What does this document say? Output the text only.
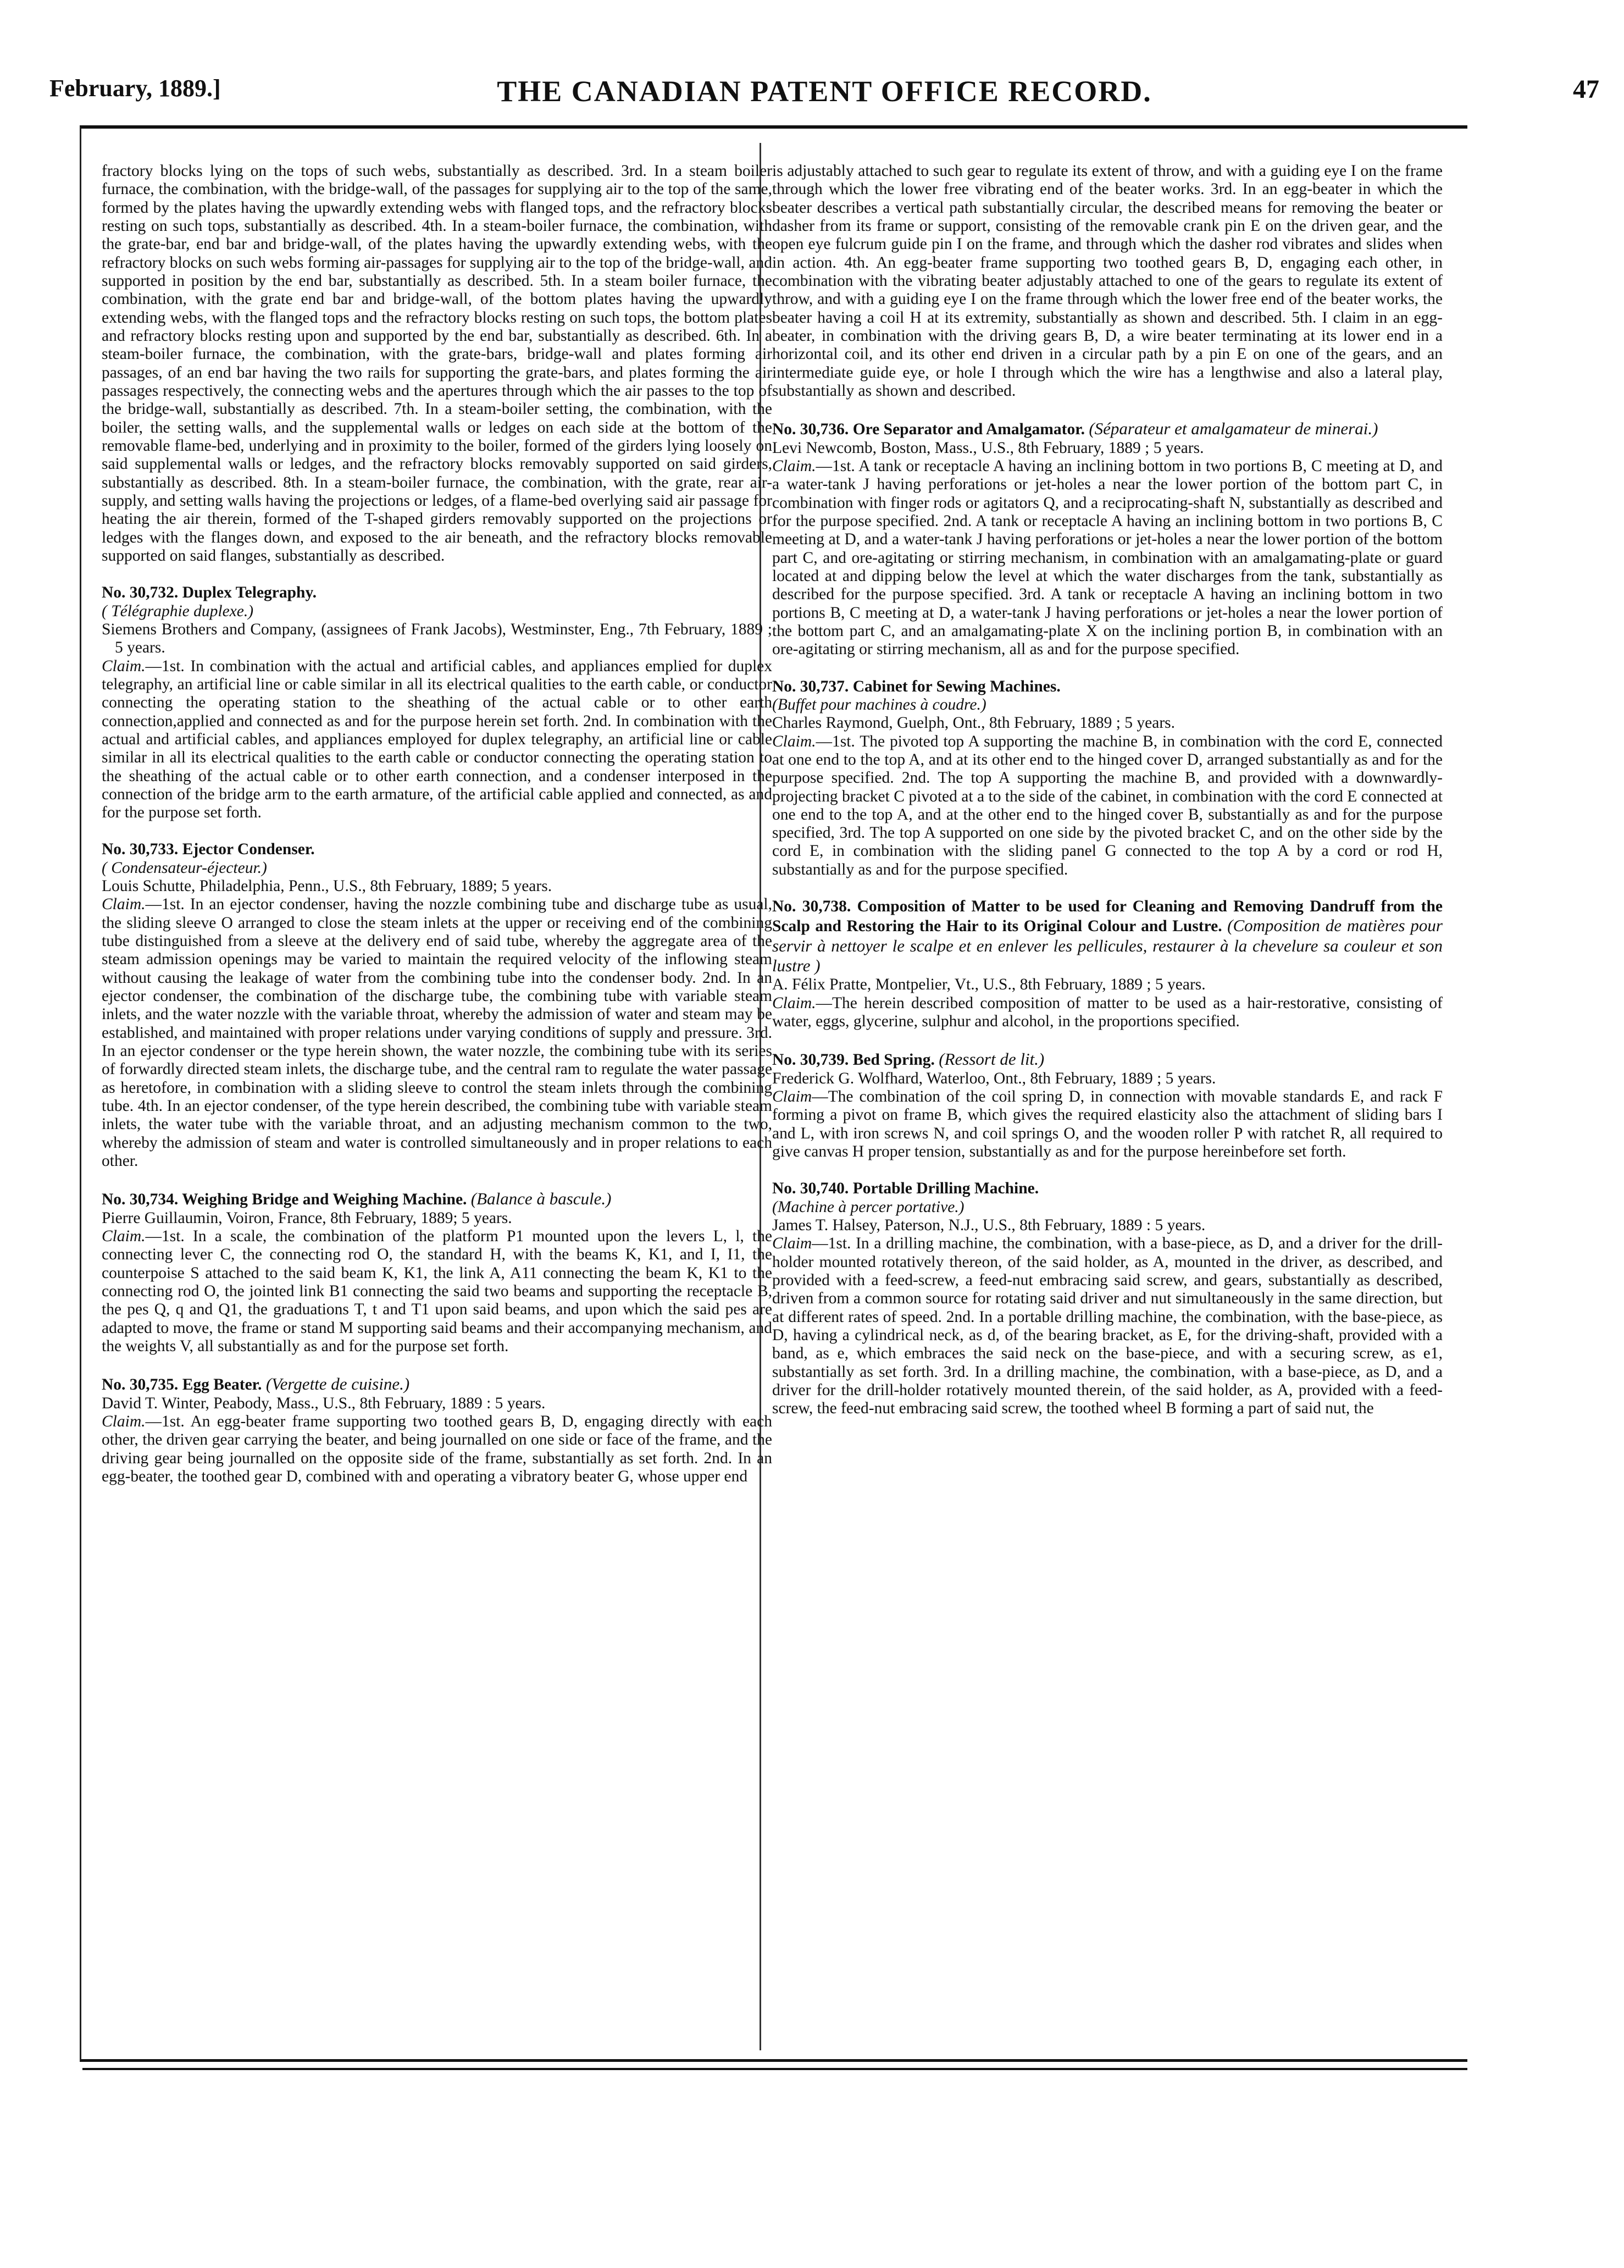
February, 1889.]	THE CANADIAN PATENT OFFICE RECORD.	47

fractory blocks lying on the tops of such webs, substantially as described. 3rd. In a steam boiler furnace, the combination, with the bridge-wall, of the passages for supplying air to the top of the same, formed by the plates having the upwardly extending webs with flanged tops, and the refractory blocks resting on such tops, substantially as described. 4th. In a steam-boiler furnace, the combination, with the grate-bar, end bar and bridge-wall, of the plates having the upwardly extending webs, with the refractory blocks on such webs forming air-passages for supplying air to the top of the bridge-wall, and supported in position by the end bar, substantially as described. 5th. In a steam boiler furnace, the combination, with the grate end bar and bridge-wall, of the bottom plates having the upwardly extending webs, with the flanged tops and the refractory blocks resting on such tops, the bottom plates and refractory blocks resting upon and supported by the end bar, substantially as described. 6th. In a steam-boiler furnace, the combination, with the grate-bars, bridge-wall and plates forming air passages, of an end bar having the two rails for supporting the grate-bars, and plates forming the air passages respectively, the connecting webs and the apertures through which the air passes to the top of the bridge-wall, substantially as described. 7th. In a steam-boiler setting, the combination, with the boiler, the setting walls, and the supplemental walls or ledges on each side at the bottom of the removable flame-bed, underlying and in proximity to the boiler, formed of the girders lying loosely on said supplemental walls or ledges, and the refractory blocks removably supported on said girders, substantially as described. 8th. In a steam-boiler furnace, the combination, with the grate, rear air-supply, and setting walls having the projections or ledges, of a flame-bed overlying said air passage for heating the air therein, formed of the T-shaped girders removably supported on the projections or ledges with the flanges down, and exposed to the air beneath, and the refractory blocks removable supported on said flanges, substantially as described.

No. 30,732. Duplex Telegraphy.

( Télégraphie duplexe.)

Siemens Brothers and Company, (assignees of Frank Jacobs), Westminster, Eng., 7th February, 1889 ; 5 years.

Claim.—1st. In combination with the actual and artificial cables, and appliances emplied for duplex telegraphy, an artificial line or cable similar in all its electrical qualities to the earth cable, or conductor connecting the operating station to the sheathing of the actual cable or to other earth connection,applied and connected as and for the purpose herein set forth. 2nd. In combination with the actual and artificial cables, and appliances employed for duplex telegraphy, an artificial line or cable similar in all its electrical qualities to the earth cable or conductor connecting the operating station to the sheathing of the actual cable or to other earth connection, and a condenser interposed in the connection of the bridge arm to the earth armature, of the artificial cable applied and connected, as and for the purpose set forth.

No. 30,733. Ejector Condenser.

( Condensateur-éjecteur.)

Louis Schutte, Philadelphia, Penn., U.S., 8th February, 1889; 5 years.

Claim.—1st. In an ejector condenser, having the nozzle combining tube and discharge tube as usual, the sliding sleeve O arranged to close the steam inlets at the upper or receiving end of the combining tube distinguished from a sleeve at the delivery end of said tube, whereby the aggregate area of the steam admission openings may be varied to maintain the required velocity of the inflowing steam without causing the leakage of water from the combining tube into the condenser body. 2nd. In an ejector condenser, the combination of the discharge tube, the combining tube with variable steam inlets, and the water nozzle with the variable throat, whereby the admission of water and steam may be established, and maintained with proper relations under varying conditions of supply and pressure. 3rd. In an ejector condenser or the type herein shown, the water nozzle, the combining tube with its series of forwardly directed steam inlets, the discharge tube, and the central ram to regulate the water passage as heretofore, in combination with a sliding sleeve to control the steam inlets through the combining tube. 4th. In an ejector condenser, of the type herein described, the combining tube with variable steam inlets, the water tube with the variable throat, and an adjusting mechanism common to the two, whereby the admission of steam and water is controlled simultaneously and in proper relations to each other.

No. 30,734. Weighing Bridge and Weighing Machine. (Balance à bascule.)

Pierre Guillaumin, Voiron, France, 8th February, 1889; 5 years.

Claim.—1st. In a scale, the combination of the platform P1 mounted upon the levers L, l, the connecting lever C, the connecting rod O, the standard H, with the beams K, K1, and I, I1, the counterpoise S attached to the said beam K, K1, the link A, A11 connecting the beam K, K1 to the connecting rod O, the jointed link B1 connecting the said two beams and supporting the receptacle B, the pes Q, q and Q1, the graduations T, t and T1 upon said beams, and upon which the said pes are adapted to move, the frame or stand M supporting said beams and their accompanying mechanism, and the weights V, all substantially as and for the purpose set forth.

No. 30,735. Egg Beater. (Vergette de cuisine.)

David T. Winter, Peabody, Mass., U.S., 8th February, 1889 : 5 years.

Claim.—1st. An egg-beater frame supporting two toothed gears B, D, engaging directly with each other, the driven gear carrying the beater, and being journalled on one side or face of the frame, and the driving gear being journalled on the opposite side of the frame, substantially as set forth. 2nd. In an egg-beater, the toothed gear D, combined with and operating a vibratory beater G, whose upper end

is adjustably attached to such gear to regulate its extent of throw, and with a guiding eye I on the frame through which the lower free vibrating end of the beater works. 3rd. In an egg-beater in which the beater describes a vertical path substantially circular, the described means for removing the beater or dasher from its frame or support, consisting of the removable crank pin E on the driven gear, and the open eye fulcrum guide pin I on the frame, and through which the dasher rod vibrates and slides when in action. 4th. An egg-beater frame supporting two toothed gears B, D, engaging each other, in combination with the vibrating beater adjustably attached to one of the gears to regulate its extent of throw, and with a guiding eye I on the frame through which the lower free end of the beater works, the beater having a coil H at its extremity, substantially as shown and described. 5th. I claim in an egg-beater, in combination with the driving gears B, D, a wire beater terminating at its lower end in a horizontal coil, and its other end driven in a circular path by a pin E on one of the gears, and an intermediate guide eye, or hole I through which the wire has a lengthwise and also a lateral play, substantially as shown and described.

No. 30,736. Ore Separator and Amalgamator. (Séparateur et amalgamateur de minerai.)

Levi Newcomb, Boston, Mass., U.S., 8th February, 1889 ; 5 years.

Claim.—1st. A tank or receptacle A having an inclining bottom in two portions B, C meeting at D, and a water-tank J having perforations or jet-holes a near the lower portion of the bottom part C, in combination with finger rods or agitators Q, and a reciprocating-shaft N, substantially as described and for the purpose specified. 2nd. A tank or receptacle A having an inclining bottom in two portions B, C meeting at D, and a water-tank J having perforations or jet-holes a near the lower portion of the bottom part C, and ore-agitating or stirring mechanism, in combination with an amalgamating-plate or guard located at and dipping below the level at which the water discharges from the tank, substantially as described for the purpose specified. 3rd. A tank or receptacle A having an inclining bottom in two portions B, C meeting at D, a water-tank J having perforations or jet-holes a near the lower portion of the bottom part C, and an amalgamating-plate X on the inclining portion B, in combination with an ore-agitating or stirring mechanism, all as and for the purpose specified.

No. 30,737. Cabinet for Sewing Machines.

(Buffet pour machines à coudre.)

Charles Raymond, Guelph, Ont., 8th February, 1889 ; 5 years.

Claim.—1st. The pivoted top A supporting the machine B, in combination with the cord E, connected at one end to the top A, and at its other end to the hinged cover D, arranged substantially as and for the purpose specified. 2nd. The top A supporting the machine B, and provided with a downwardly-projecting bracket C pivoted at a to the side of the cabinet, in combination with the cord E connected at one end to the top A, and at the other end to the hinged cover B, substantially as and for the purpose specified, 3rd. The top A supported on one side by the pivoted bracket C, and on the other side by the cord E, in combination with the sliding panel G connected to the top A by a cord or rod H, substantially as and for the purpose specified.

No. 30,738. Composition of Matter to be used for Cleaning and Removing Dandruff from the Scalp and Restoring the Hair to its Original Colour and Lustre. (Composition de matières pour servir à nettoyer le scalpe et en enlever les pellicules, restaurer à la chevelure sa couleur et son lustre )

A. Félix Pratte, Montpelier, Vt., U.S., 8th February, 1889 ; 5 years.

Claim.—The herein described composition of matter to be used as a hair-restorative, consisting of water, eggs, glycerine, sulphur and alcohol, in the proportions specified.

No. 30,739. Bed Spring. (Ressort de lit.)

Frederick G. Wolfhard, Waterloo, Ont., 8th February, 1889 ; 5 years.

Claim—The combination of the coil spring D, in connection with movable standards E, and rack F forming a pivot on frame B, which gives the required elasticity also the attachment of sliding bars I and L, with iron screws N, and coil springs O, and the wooden roller P with ratchet R, all required to give canvas H proper tension, substantially as and for the purpose hereinbefore set forth.

No. 30,740. Portable Drilling Machine.

(Machine à percer portative.)

James T. Halsey, Paterson, N.J., U.S., 8th February, 1889 : 5 years.

Claim—1st. In a drilling machine, the combination, with a base-piece, as D, and a driver for the drill-holder mounted rotatively thereon, of the said holder, as A, mounted in the driver, as described, and provided with a feed-screw, a feed-nut embracing said screw, and gears, substantially as described, driven from a common source for rotating said driver and nut simultaneously in the same direction, but at different rates of speed. 2nd. In a portable drilling machine, the combination, with the base-piece, as D, having a cylindrical neck, as d, of the bearing bracket, as E, for the driving-shaft, provided with a band, as e, which embraces the said neck on the base-piece, and with a securing screw, as e1, substantially as set forth. 3rd. In a drilling machine, the combination, with a base-piece, as D, and a driver for the drill-holder rotatively mounted therein, of the said holder, as A, provided with a feed-screw, the feed-nut embracing said screw, the toothed wheel B forming a part of said nut, the
